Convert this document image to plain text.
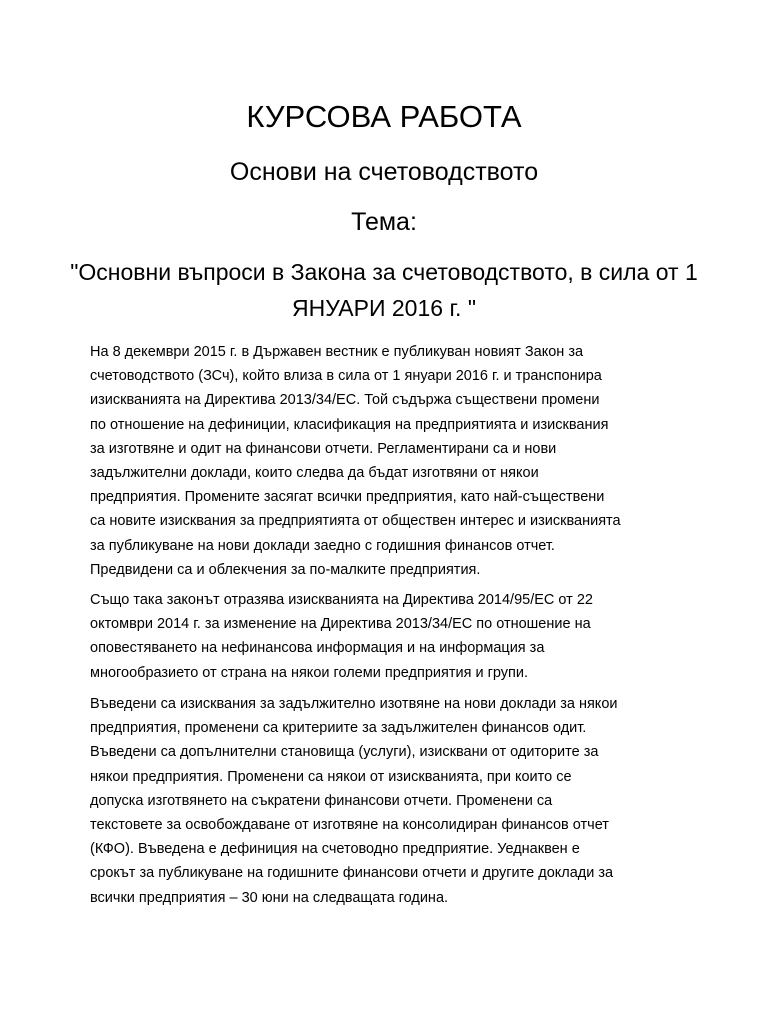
КУРСОВА РАБОТА
Основи на счетоводството
Тема:
"Основни въпроси в Закона за счетоводството, в сила от 1 ЯНУАРИ 2016 г. "

На 8 декември 2015 г. в Държавен вестник е публикуван новият Закон за
счетоводството (ЗСч), който влиза в сила от 1 януари 2016 г. и транспонира
изискванията на Директива 2013/34/ЕС. Той съдържа съществени промени
по отношение на дефиниции, класификация на предприятията и изисквания
за изготвяне и одит на финансови отчети. Регламентирани са и нови
задължителни доклади, които следва да бъдат изготвяни от някои
предприятия. Промените засягат всички предприятия, като най-съществени
са новите изисквания за предприятията от обществен интерес и изискванията
за публикуване на нови доклади заедно с годишния финансов отчет.
Предвидени са и облекчения за по-малките предприятия.

Също така законът отразява изискванията на Директива 2014/95/ЕС от 22
октомври 2014 г. за изменение на Директива 2013/34/ЕС по отношение на
оповестяването на нефинансова информация и на информация за
многообразието от страна на някои големи предприятия и групи.

Въведени са изисквания за задължително изотвяне на нови доклади за някои
предприятия, променени са критериите за задължителен финансов одит.
Въведени са допълнителни становища (услуги), изисквани от одиторите за
някои предприятия. Променени са някои от изискванията, при които се
допуска изготвянето на съкратени финансови отчети. Променени са
текстовете за освобождаване от изготвяне на консолидиран финансов отчет
(КФО). Въведена е дефиниция на счетоводно предприятие. Уеднаквен е
срокът за публикуване на годишните финансови отчети и другите доклади за
всички предприятия – 30 юни на следващата година.
